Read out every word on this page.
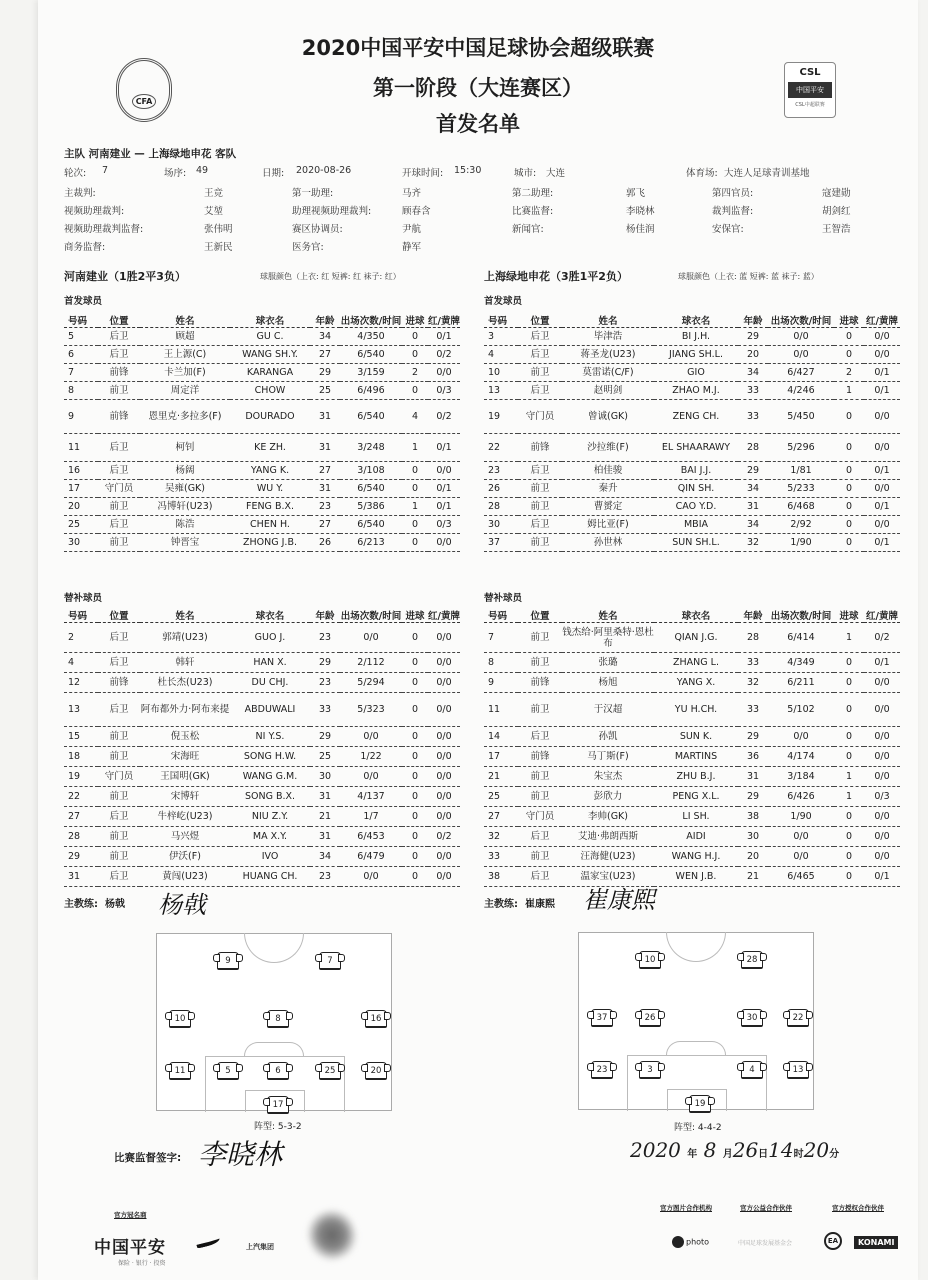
CFA
2020中国平安中国足球协会超级联赛
第一阶段（大连赛区）
首发名单
CSL
中国平安
CSL中超联赛
主队 河南建业 — 上海绿地申花 客队
轮次: 7	场序: 49	日期: 2020-08-26	开球时间: 15:30	城市: 大连	体育场: 大连人足球青训基地
主裁判:	王竞	第一助理:	马齐	第二助理:	郭飞	第四官员:	寇建勋
视频助理裁判:	艾堃	助理视频助理裁判:	顾春含	比赛监督:	李晓林	裁判监督:	胡剑红
视频助理裁判监督:	张伟明	赛区协调员:	尹航	新闻官:	杨佳润	安保官:	王智浩
商务监督:	王新民	医务官:	静军
河南建业（1胜2平3负）	球服颜色（上衣: 红 短裤: 红 袜子: 红）	上海绿地申花（3胜1平2负）	球服颜色（上衣: 蓝 短裤: 蓝 袜子: 蓝）
首发球员	首发球员
号码	位置	姓名	球衣名	年龄	出场次数/时间	进球	红/黄牌
5	后卫	顾超	GU C.	34	4/350	0	0/1
6	后卫	王上源(C)	WANG SH.Y.	27	6/540	0	0/2
7	前锋	卡兰加(F)	KARANGA	29	3/159	2	0/0
8	前卫	周定洋	CHOW	25	6/496	0	0/3
9	前锋	恩里克·多拉多(F)	DOURADO	31	6/540	4	0/2
11	后卫	柯钊	KE ZH.	31	3/248	1	0/1
16	后卫	杨阔	YANG K.	27	3/108	0	0/0
17	守门员	吴雍(GK)	WU Y.	31	6/540	0	0/1
20	前卫	冯博轩(U23)	FENG B.X.	23	5/386	1	0/1
25	后卫	陈浩	CHEN H.	27	6/540	0	0/3
30	前卫	钟晋宝	ZHONG J.B.	26	6/213	0	0/0
号码	位置	姓名	球衣名	年龄	出场次数/时间	进球	红/黄牌
3	后卫	毕津浩	BI J.H.	29	0/0	0	0/0
4	后卫	蒋圣龙(U23)	JIANG SH.L.	20	0/0	0	0/0
10	前卫	莫雷诺(C/F)	GIO	34	6/427	2	0/1
13	后卫	赵明剑	ZHAO M.J.	33	4/246	1	0/1
19	守门员	曾诚(GK)	ZENG CH.	33	5/450	0	0/0
22	前锋	沙拉维(F)	EL SHAARAWY	28	5/296	0	0/0
23	后卫	柏佳骏	BAI J.J.	29	1/81	0	0/1
26	前卫	秦升	QIN SH.	34	5/233	0	0/0
28	前卫	曹赟定	CAO Y.D.	31	6/468	0	0/1
30	后卫	姆比亚(F)	MBIA	34	2/92	0	0/0
37	前卫	孙世林	SUN SH.L.	32	1/90	0	0/1
替补球员	替补球员
号码	位置	姓名	球衣名	年龄	出场次数/时间	进球	红/黄牌
2	后卫	郭靖(U23)	GUO J.	23	0/0	0	0/0
4	后卫	韩轩	HAN X.	29	2/112	0	0/0
12	前锋	杜长杰(U23)	DU CHJ.	23	5/294	0	0/0
13	后卫	阿布都外力·阿布来提	ABDUWALI	33	5/323	0	0/0
15	前卫	倪玉松	NI Y.S.	29	0/0	0	0/0
18	前卫	宋海旺	SONG H.W.	25	1/22	0	0/0
19	守门员	王国明(GK)	WANG G.M.	30	0/0	0	0/0
22	前卫	宋博轩	SONG B.X.	31	4/137	0	0/0
27	后卫	牛梓屹(U23)	NIU Z.Y.	21	1/7	0	0/0
28	前卫	马兴煜	MA X.Y.	31	6/453	0	0/2
29	前卫	伊沃(F)	IVO	34	6/479	0	0/0
31	后卫	黄闯(U23)	HUANG CH.	23	0/0	0	0/0
号码	位置	姓名	球衣名	年龄	出场次数/时间	进球	红/黄牌
7	前卫	钱杰给·阿里桑特·恩杜布	QIAN J.G.	28	6/414	1	0/2
8	前卫	张璐	ZHANG L.	33	4/349	0	0/1
9	前锋	杨旭	YANG X.	32	6/211	0	0/0
11	前卫	于汉超	YU H.CH.	33	5/102	0	0/0
14	后卫	孙凯	SUN K.	29	0/0	0	0/0
17	前锋	马丁斯(F)	MARTINS	36	4/174	0	0/0
21	前卫	朱宝杰	ZHU B.J.	31	3/184	1	0/0
25	前卫	彭欣力	PENG X.L.	29	6/426	1	0/3
27	守门员	李帅(GK)	LI SH.	38	1/90	0	0/0
32	后卫	艾迪·弗朗西斯	AIDI	30	0/0	0	0/0
33	前卫	汪海健(U23)	WANG H.J.	20	0/0	0	0/0
38	后卫	温家宝(U23)	WEN J.B.	21	6/465	0	0/1
主教练: 杨戟 杨戟	主教练: 崔康熙 崔康熙
9	7
10	8	16
11	5	6	25	20
17
阵型: 5-3-2
10	28
37	26	30	22
23	3	4	13
19
阵型: 4-4-2
比赛监督签字: 李晓林	2020 年 8 月26日14时20分
官方冠名商
中国平安
保险 · 银行 · 投资
上汽集团
官方图片合作机构	官方公益合作伙伴	官方授权合作伙伴
photo	中国足球发展基金会	EA	KONAMI
